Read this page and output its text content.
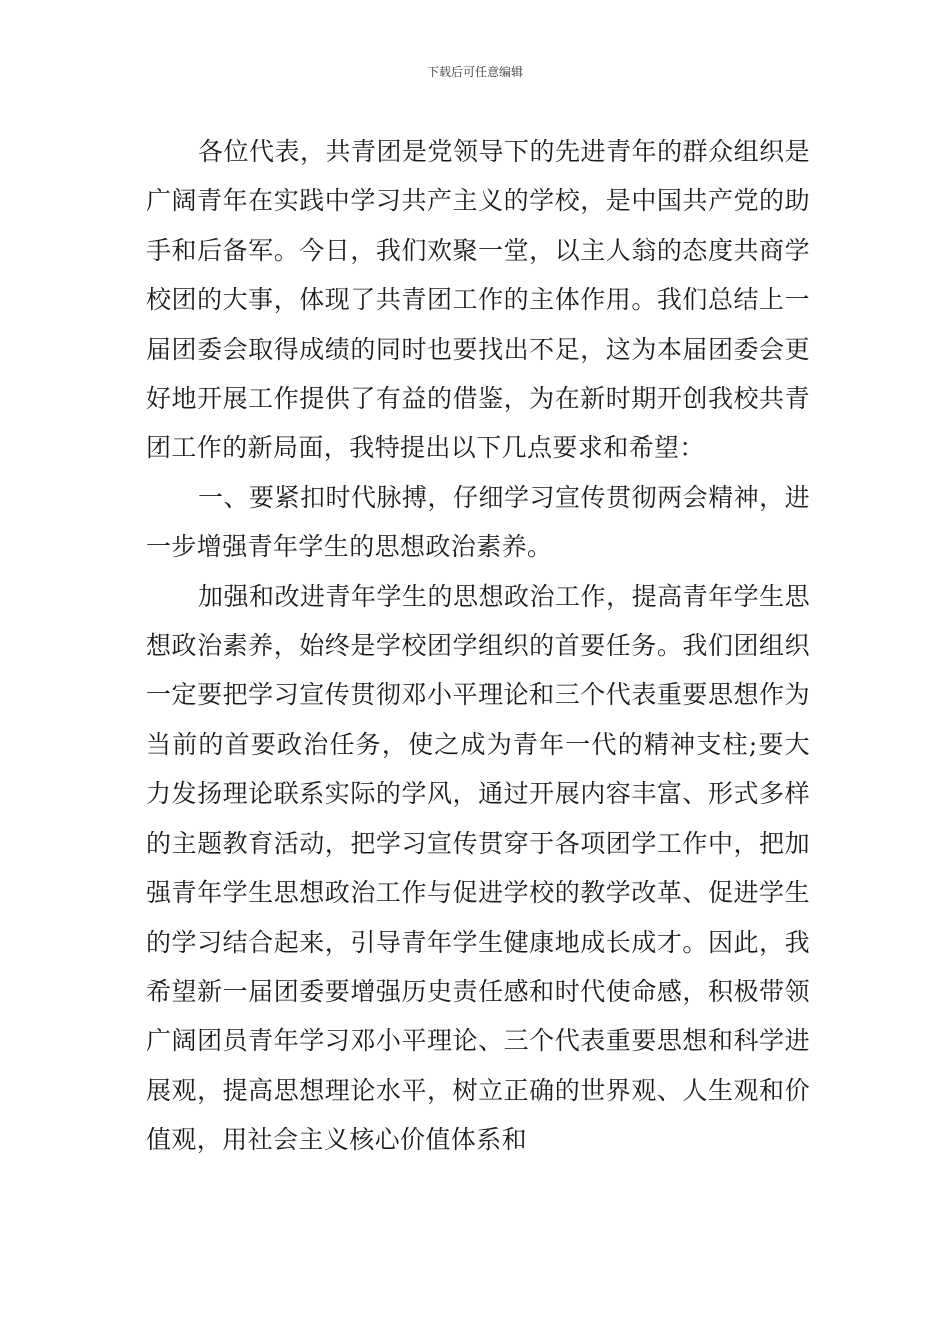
下载后可任意编辑

各位代表，共青团是党领导下的先进青年的群众组织是广阔青年在实践中学习共产主义的学校，是中国共产党的助手和后备军。今日，我们欢聚一堂，以主人翁的态度共商学校团的大事，体现了共青团工作的主体作用。我们总结上一届团委会取得成绩的同时也要找出不足，这为本届团委会更好地开展工作提供了有益的借鉴，为在新时期开创我校共青团工作的新局面，我特提出以下几点要求和希望：

一、要紧扣时代脉搏，仔细学习宣传贯彻两会精神，进一步增强青年学生的思想政治素养。

加强和改进青年学生的思想政治工作，提高青年学生思想政治素养，始终是学校团学组织的首要任务。我们团组织一定要把学习宣传贯彻邓小平理论和三个代表重要思想作为当前的首要政治任务，使之成为青年一代的精神支柱;要大力发扬理论联系实际的学风，通过开展内容丰富、形式多样的主题教育活动，把学习宣传贯穿于各项团学工作中，把加强青年学生思想政治工作与促进学校的教学改革、促进学生的学习结合起来，引导青年学生健康地成长成才。因此，我希望新一届团委要增强历史责任感和时代使命感，积极带领广阔团员青年学习邓小平理论、三个代表重要思想和科学进展观，提高思想理论水平，树立正确的世界观、人生观和价值观，用社会主义核心价值体系和
